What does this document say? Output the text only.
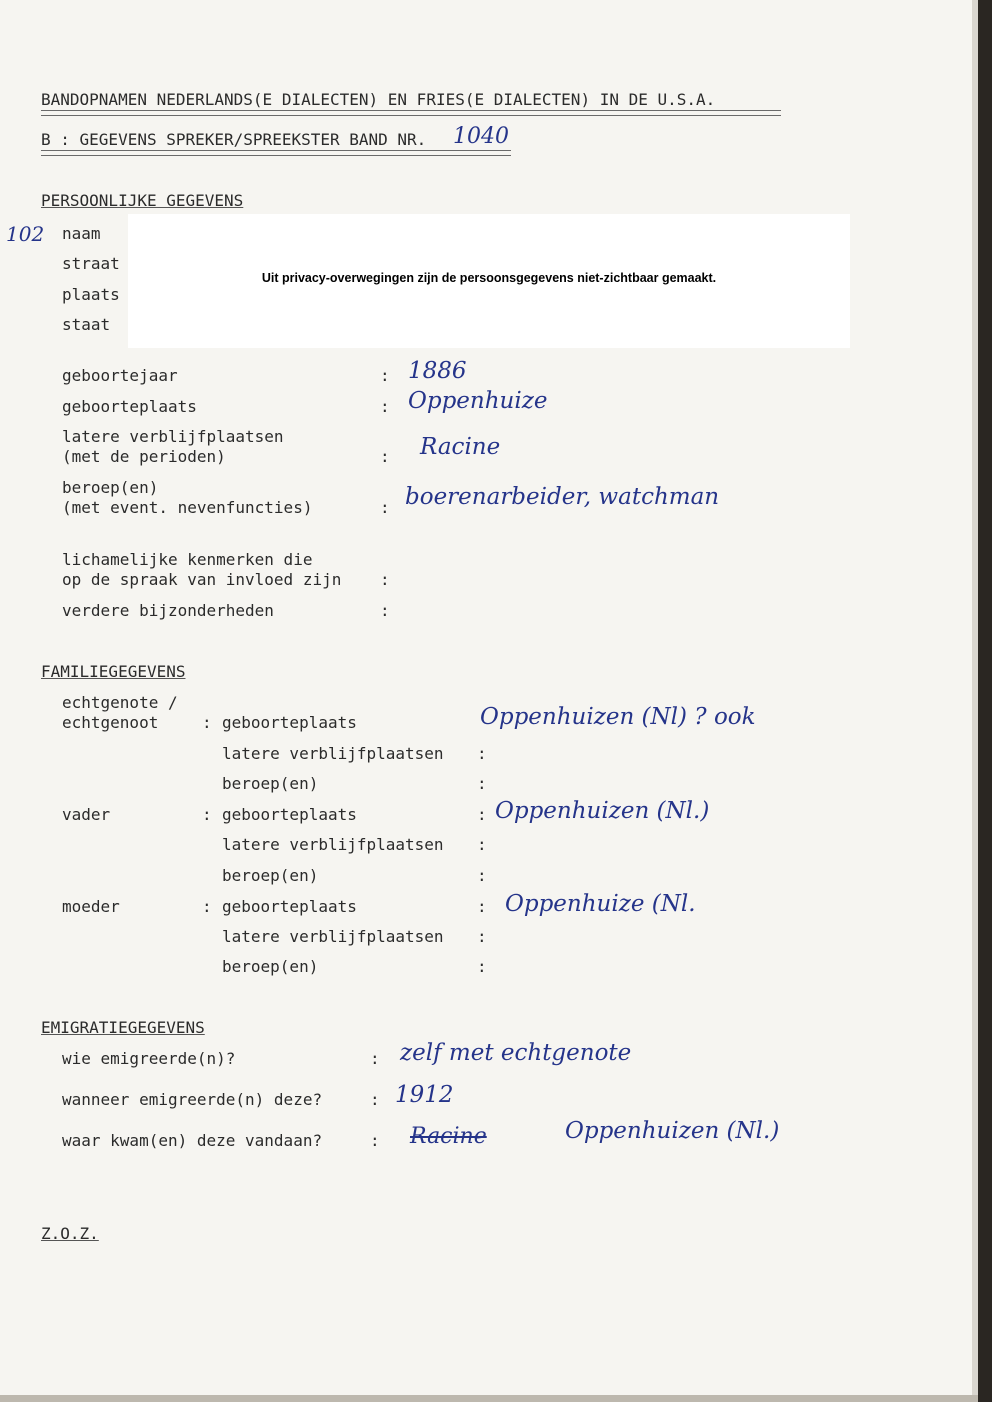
BANDOPNAMEN NEDERLANDS(E DIALECTEN) EN FRIES(E DIALECTEN) IN DE U.S.A.
B : GEGEVENS SPREKER/SPREEKSTER BAND NR. 1040
PERSOONLIJKE GEGEVENS
102 naam
straat
plaats
staat
Uit privacy-overwegingen zijn de persoonsgegevens niet-zichtbaar gemaakt.
geboortejaar	: 1886
geboorteplaats	: Oppenhuize
latere verblijfplaatsen
(met de perioden)	: Racine
beroep(en)
(met event. nevenfuncties)	: boerenarbeider, watchman
lichamelijke kenmerken die
op de spraak van invloed zijn :
verdere bijzonderheden	:
FAMILIEGEGEVENS
echtgenote /
echtgenoot	: geboorteplaats	Oppenhuizen (Nl) ? ook
latere verblijfplaatsen :
beroep(en)	:
vader	: geboorteplaats	: Oppenhuizen (Nl.)
latere verblijfplaatsen :
beroep(en)	:
moeder	: geboorteplaats	: Oppenhuize (Nl.
latere verblijfplaatsen :
beroep(en)	:
EMIGRATIEGEGEVENS
wie emigreerde(n)?	: zelf met echtgenote
wanneer emigreerde(n) deze?	: 1912
waar kwam(en) deze vandaan?	: Racine	Oppenhuizen (Nl.)
Z.O.Z.
